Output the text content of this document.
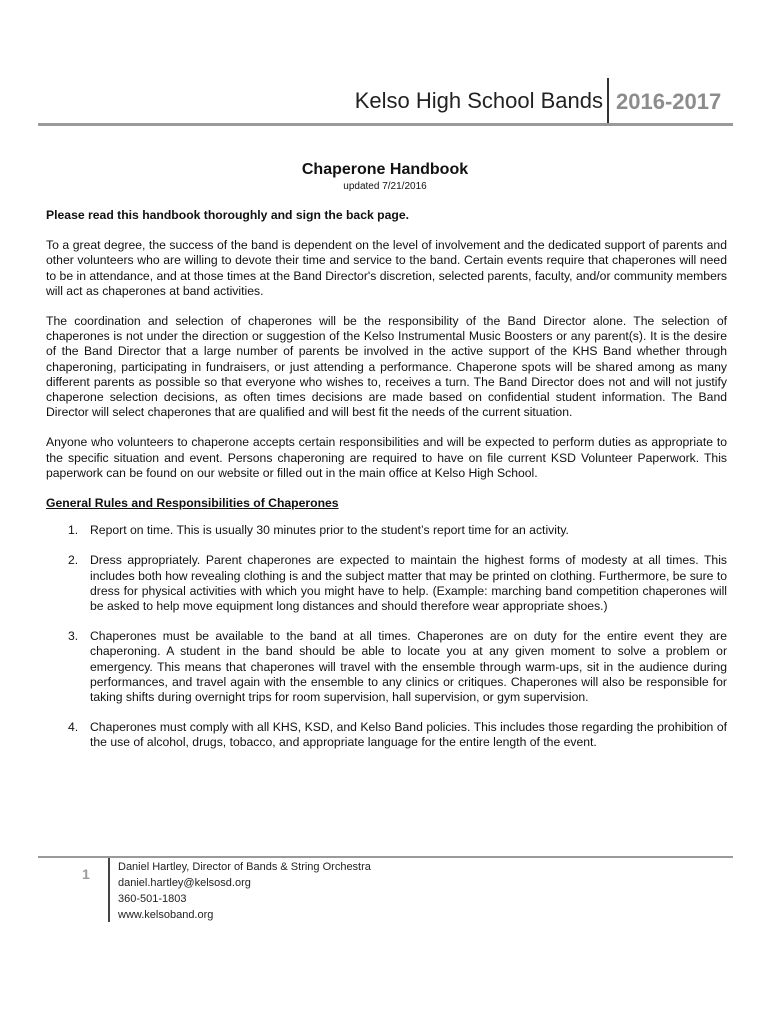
Kelso High School Bands 2016-2017
Chaperone Handbook
updated 7/21/2016

Please read this handbook thoroughly and sign the back page.

To a great degree, the success of the band is dependent on the level of involvement and the dedicated support of parents and other volunteers who are willing to devote their time and service to the band. Certain events require that chaperones will need to be in attendance, and at those times at the Band Director's discretion, selected parents, faculty, and/or community members will act as chaperones at band activities.

The coordination and selection of chaperones will be the responsibility of the Band Director alone. The selection of chaperones is not under the direction or suggestion of the Kelso Instrumental Music Boosters or any parent(s). It is the desire of the Band Director that a large number of parents be involved in the active support of the KHS Band whether through chaperoning, participating in fundraisers, or just attending a performance. Chaperone spots will be shared among as many different parents as possible so that everyone who wishes to, receives a turn. The Band Director does not and will not justify chaperone selection decisions, as often times decisions are made based on confidential student information. The Band Director will select chaperones that are qualified and will best fit the needs of the current situation.

Anyone who volunteers to chaperone accepts certain responsibilities and will be expected to perform duties as appropriate to the specific situation and event. Persons chaperoning are required to have on file current KSD Volunteer Paperwork. This paperwork can be found on our website or filled out in the main office at Kelso High School.

General Rules and Responsibilities of Chaperones

1. Report on time. This is usually 30 minutes prior to the student’s report time for an activity.
2. Dress appropriately. Parent chaperones are expected to maintain the highest forms of modesty at all times. This includes both how revealing clothing is and the subject matter that may be printed on clothing. Furthermore, be sure to dress for physical activities with which you might have to help. (Example: marching band competition chaperones will be asked to help move equipment long distances and should therefore wear appropriate shoes.)
3. Chaperones must be available to the band at all times. Chaperones are on duty for the entire event they are chaperoning. A student in the band should be able to locate you at any given moment to solve a problem or emergency. This means that chaperones will travel with the ensemble through warm-ups, sit in the audience during performances, and travel again with the ensemble to any clinics or critiques. Chaperones will also be responsible for taking shifts during overnight trips for room supervision, hall supervision, or gym supervision.
4. Chaperones must comply with all KHS, KSD, and Kelso Band policies. This includes those regarding the prohibition of the use of alcohol, drugs, tobacco, and appropriate language for the entire length of the event.
1	Daniel Hartley, Director of Bands & String Orchestra
daniel.hartley@kelsosd.org
360-501-1803
www.kelsoband.org
